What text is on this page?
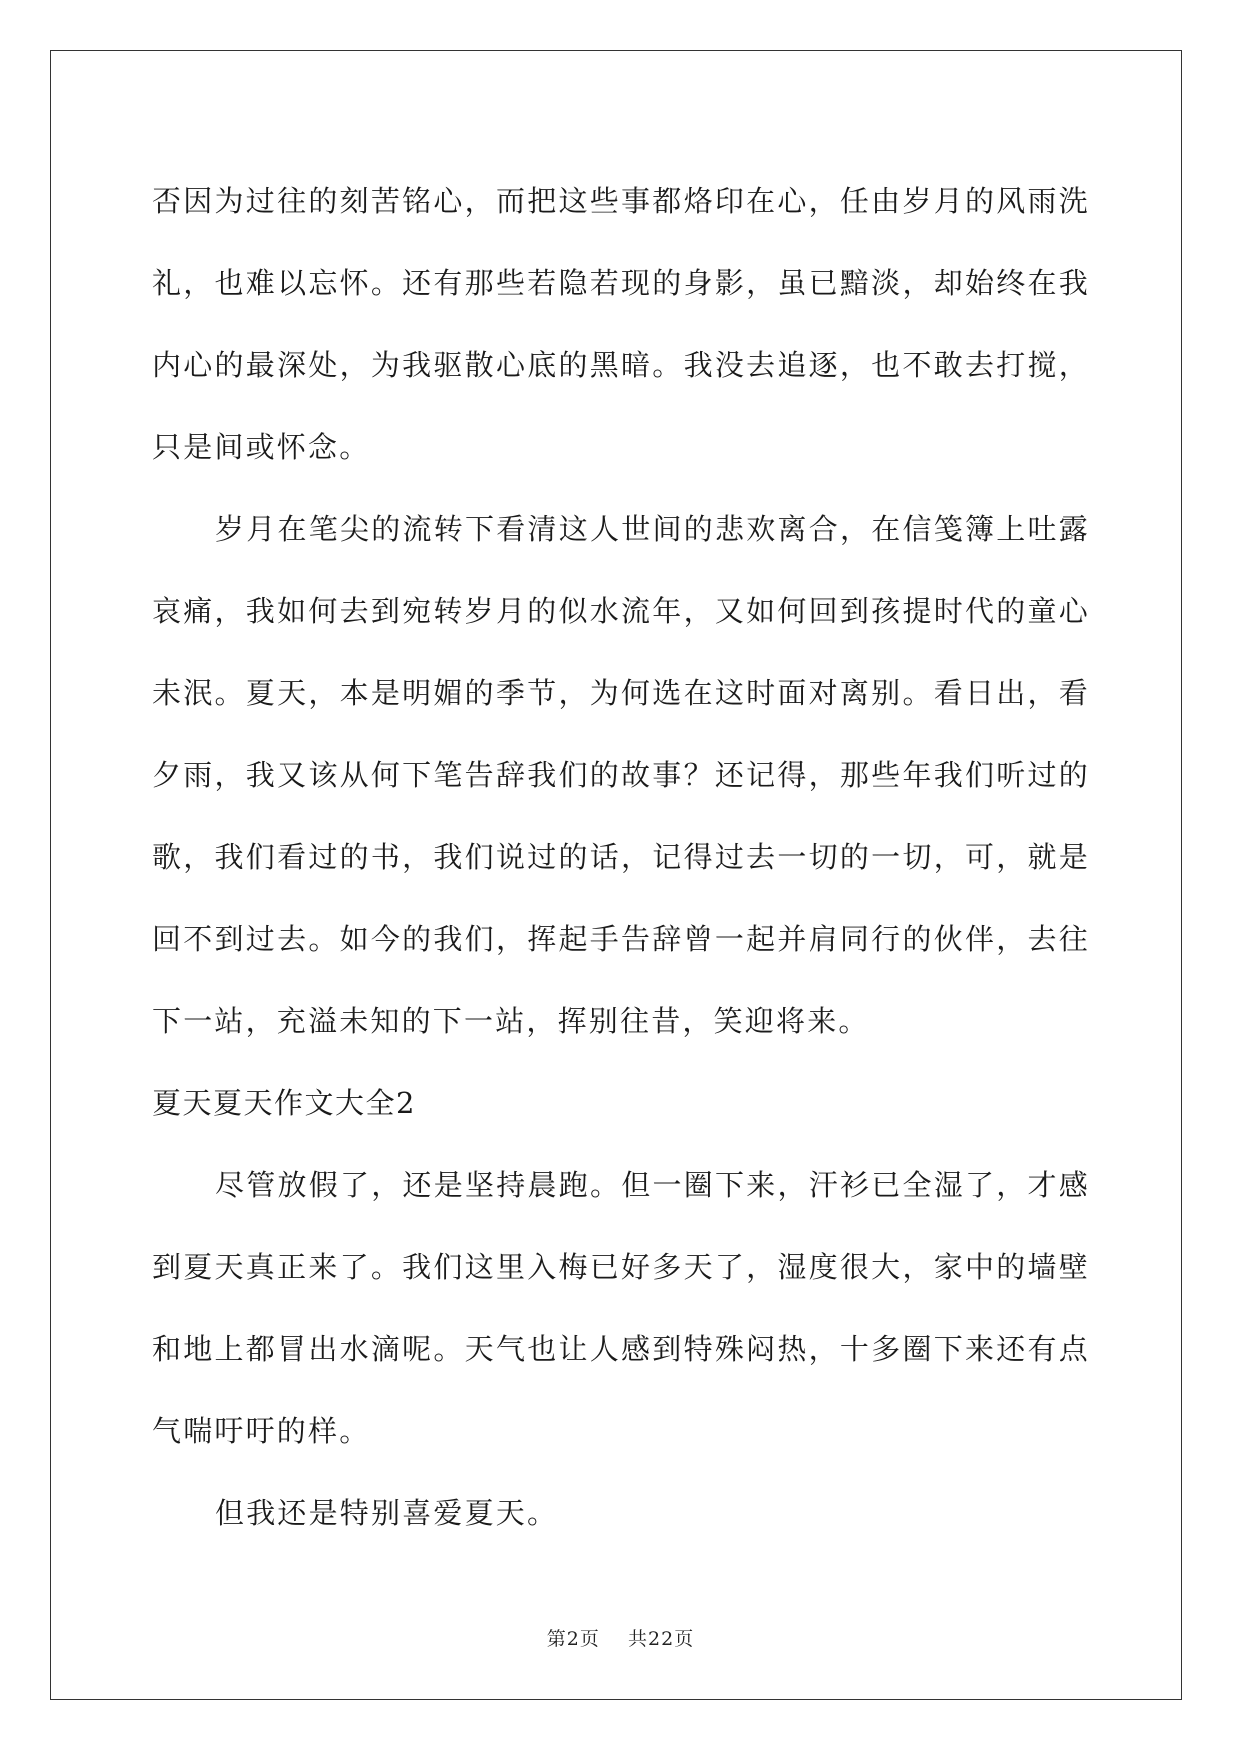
否因为过往的刻苦铭心，而把这些事都烙印在心，任由岁月的风雨洗
礼，也难以忘怀。还有那些若隐若现的身影，虽已黯淡，却始终在我
内心的最深处，为我驱散心底的黑暗。我没去追逐，也不敢去打搅，
只是间或怀念。
岁月在笔尖的流转下看清这人世间的悲欢离合，在信笺簿上吐露
哀痛，我如何去到宛转岁月的似水流年，又如何回到孩提时代的童心
未泯。夏天，本是明媚的季节，为何选在这时面对离别。看日出，看
夕雨，我又该从何下笔告辞我们的故事？还记得，那些年我们听过的
歌，我们看过的书，我们说过的话，记得过去一切的一切，可，就是
回不到过去。如今的我们，挥起手告辞曾一起并肩同行的伙伴，去往
下一站，充溢未知的下一站，挥别往昔，笑迎将来。
夏天夏天作文大全2
尽管放假了，还是坚持晨跑。但一圈下来，汗衫已全湿了，才感
到夏天真正来了。我们这里入梅已好多天了，湿度很大，家中的墙壁
和地上都冒出水滴呢。天气也让人感到特殊闷热，十多圈下来还有点
气喘吁吁的样。
但我还是特别喜爱夏天。
第2页 共22页
